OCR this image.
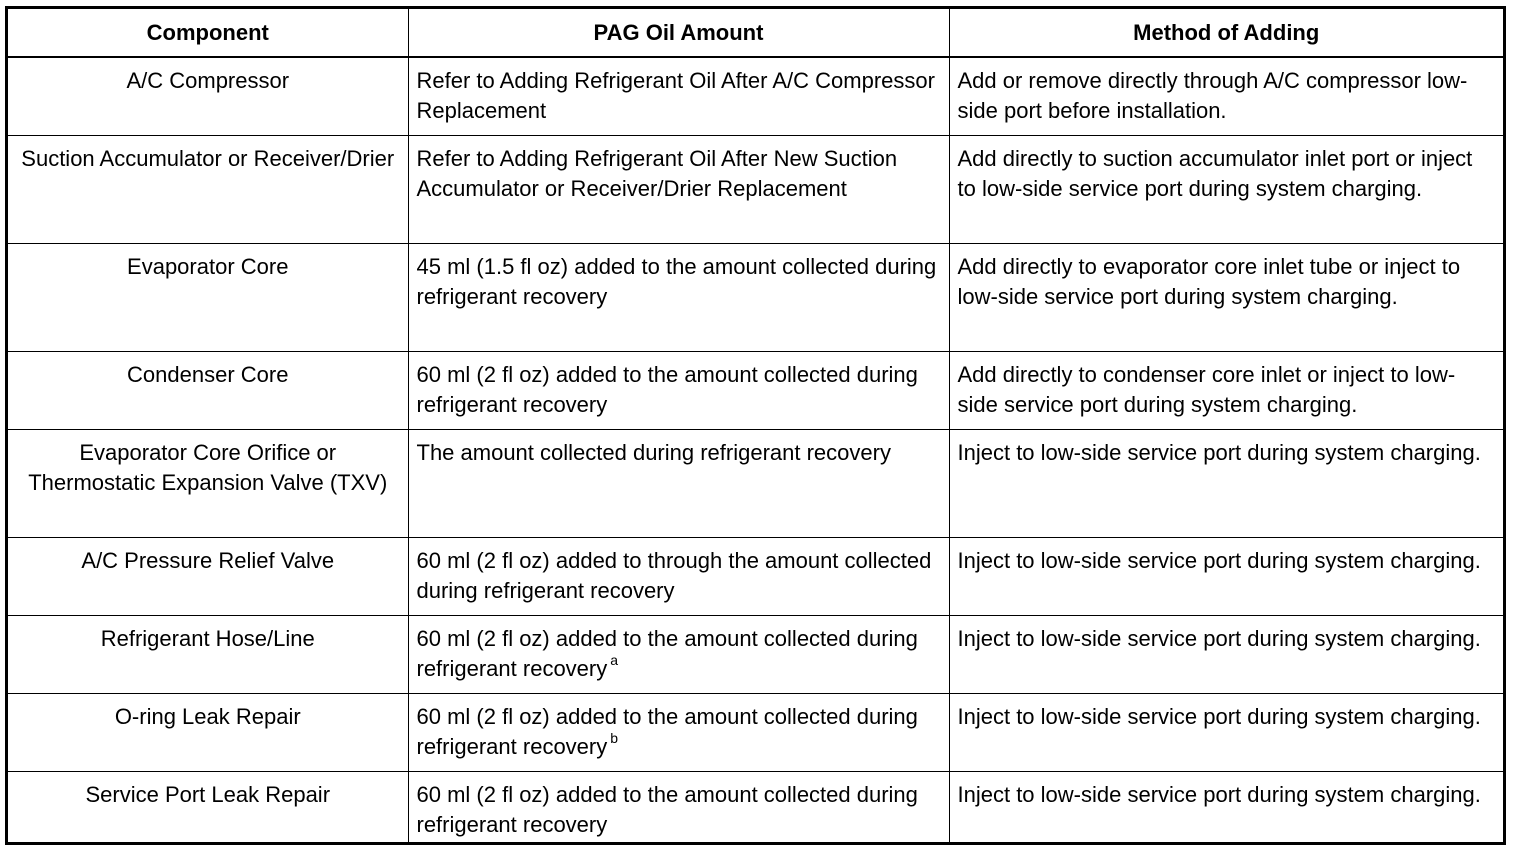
Component	PAG Oil Amount	Method of Adding
A/C Compressor	Refer to Adding Refrigerant Oil After A/C Compressor Replacement	Add or remove directly through A/C compressor low-side port before installation.
Suction Accumulator or Receiver/Drier	Refer to Adding Refrigerant Oil After New Suction Accumulator or Receiver/Drier Replacement	Add directly to suction accumulator inlet port or inject to low-side service port during system charging.
Evaporator Core	45 ml (1.5 fl oz) added to the amount collected during refrigerant recovery	Add directly to evaporator core inlet tube or inject to low-side service port during system charging.
Condenser Core	60 ml (2 fl oz) added to the amount collected during refrigerant recovery	Add directly to condenser core inlet or inject to low-side service port during system charging.
Evaporator Core Orifice or Thermostatic Expansion Valve (TXV)	The amount collected during refrigerant recovery	Inject to low-side service port during system charging.
A/C Pressure Relief Valve	60 ml (2 fl oz) added to through the amount collected during refrigerant recovery	Inject to low-side service port during system charging.
Refrigerant Hose/Line	60 ml (2 fl oz) added to the amount collected during refrigerant recovery $^a$	Inject to low-side service port during system charging.
O-ring Leak Repair	60 ml (2 fl oz) added to the amount collected during refrigerant recovery $^b$	Inject to low-side service port during system charging.
Service Port Leak Repair	60 ml (2 fl oz) added to the amount collected during refrigerant recovery	Inject to low-side service port during system charging.
